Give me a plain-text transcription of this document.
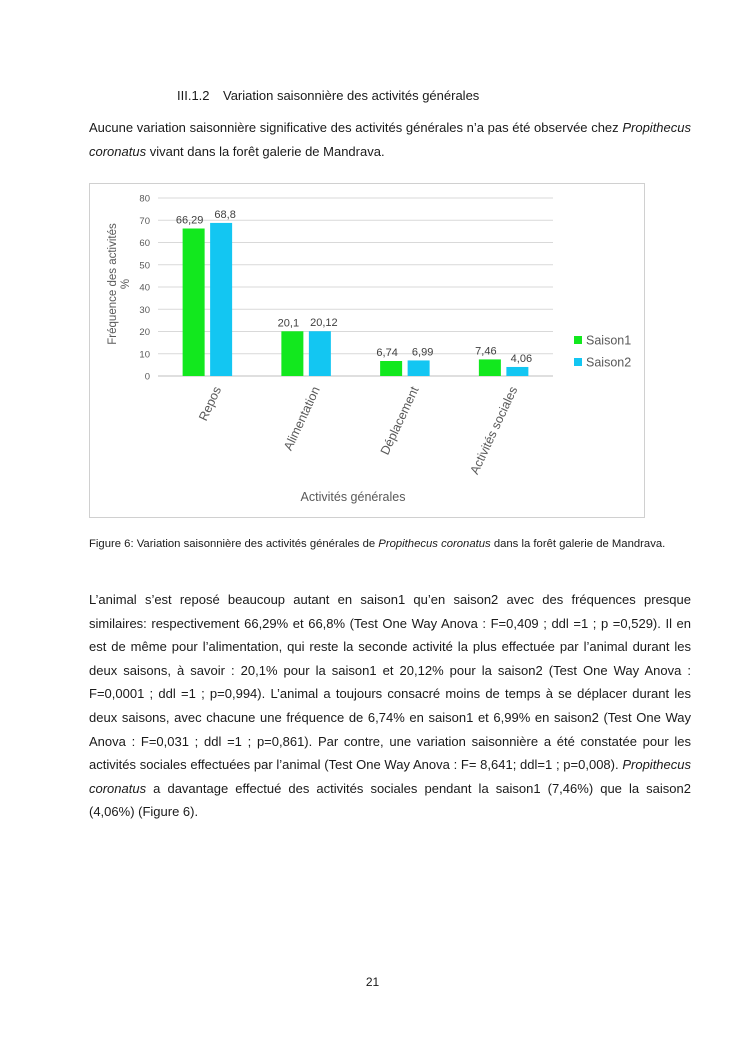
III.1.2 Variation saisonnière des activités générales

Aucune variation saisonnière significative des activités générales n’a pas été observée chez Propithecus coronatus vivant dans la forêt galerie de Mandrava.

66,29 68,8
20,1 20,12
6,74 6,99	7,46
4,06
0
10
20
30
40
50
60
70
80
Repos	Alimentation	Déplacement	Activités sociales
Saison1
Saison2
Fréquence des activités%
Activités générales

Figure 6: Variation saisonnière des activités générales de Propithecus coronatus dans la forêt galerie de Mandrava.

L’animal s’est reposé beaucoup autant en saison1 qu’en saison2 avec des fréquences presque similaires: respectivement 66,29% et 66,8% (Test One Way Anova : F=0,409 ; ddl =1 ; p =0,529). Il en est de même pour l’alimentation, qui reste la seconde activité la plus effectuée par l’animal durant les deux saisons, à savoir : 20,1% pour la saison1 et 20,12% pour la saison2 (Test One Way Anova : F=0,0001 ; ddl =1 ; p=0,994). L’animal a toujours consacré moins de temps à se déplacer durant les deux saisons, avec chacune une fréquence de 6,74% en saison1 et 6,99% en saison2 (Test One Way Anova : F=0,031 ; ddl =1 ; p=0,861). Par contre, une variation saisonnière a été constatée pour les activités sociales effectuées par l’animal (Test One Way Anova : F= 8,641; ddl=1 ; p=0,008). Propithecus coronatus a davantage effectué des activités sociales pendant la saison1 (7,46%) que la saison2 (4,06%) (Figure 6).

21
